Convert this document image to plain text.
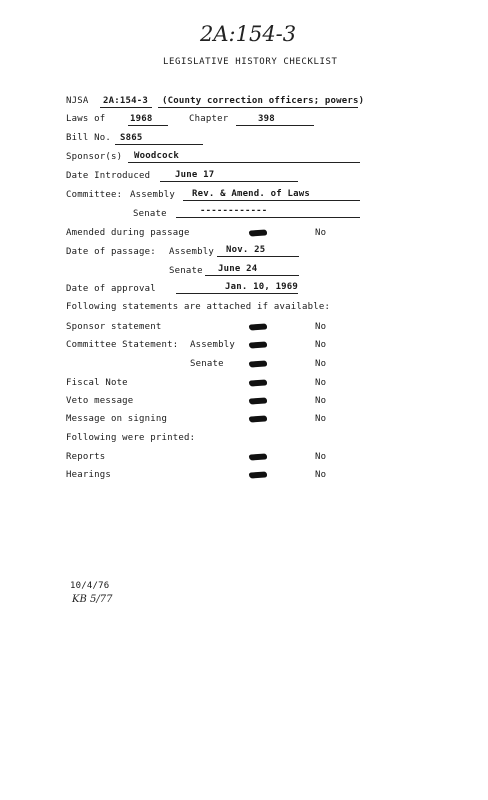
2A:154-3
LEGISLATIVE HISTORY CHECKLIST
NJSA 2A:154-3 (County correction officers; powers)
Laws of	1968	Chapter	398
Bill No. S865
Sponsor(s) Woodcock
Date Introduced	June 17
Committee: Assembly Rev. & Amend. of Laws
Senate	------------
Amended during passage	No
Date of passage: Assembly Nov. 25
Senate June 24
Date of approval	Jan. 10, 1969
Following statements are attached if available:
Sponsor statement	No
Committee Statement: Assembly	No
Senate	No
Fiscal Note	No
Veto message	No
Message on signing	No
Following were printed:
Reports	No
Hearings	No
10/4/76
KB 5/77
